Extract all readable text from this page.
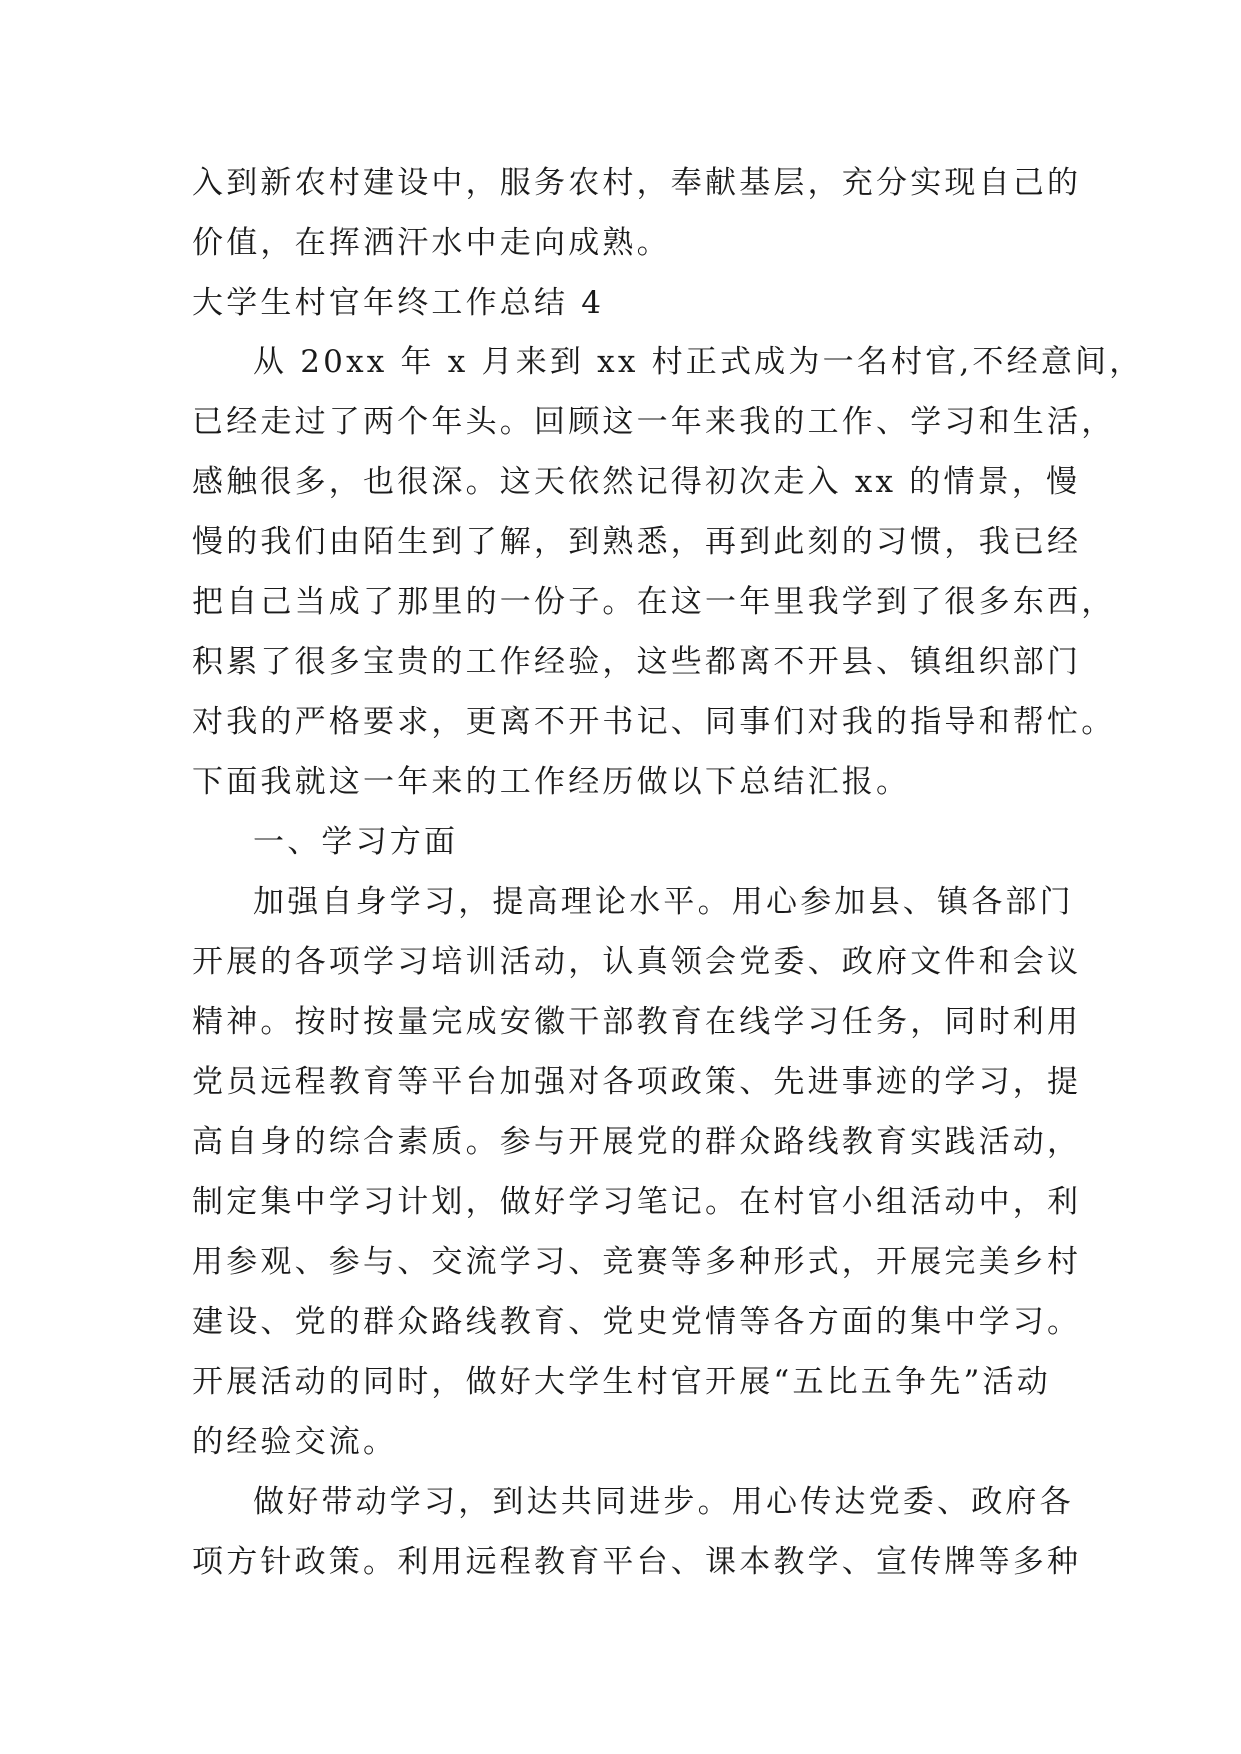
入到新农村建设中，服务农村，奉献基层，充分实现自己的
价值，在挥洒汗水中走向成熟。
大学生村官年终工作总结 4
从 20xx 年 x 月来到 xx 村正式成为一名村官,不经意间，
已经走过了两个年头。回顾这一年来我的工作、学习和生活，
感触很多，也很深。这天依然记得初次走入 xx 的情景，慢
慢的我们由陌生到了解，到熟悉，再到此刻的习惯，我已经
把自己当成了那里的一份子。在这一年里我学到了很多东西，
积累了很多宝贵的工作经验，这些都离不开县、镇组织部门
对我的严格要求，更离不开书记、同事们对我的指导和帮忙。
下面我就这一年来的工作经历做以下总结汇报。
一、学习方面
加强自身学习，提高理论水平。用心参加县、镇各部门
开展的各项学习培训活动，认真领会党委、政府文件和会议
精神。按时按量完成安徽干部教育在线学习任务，同时利用
党员远程教育等平台加强对各项政策、先进事迹的学习，提
高自身的综合素质。参与开展党的群众路线教育实践活动，
制定集中学习计划，做好学习笔记。在村官小组活动中，利
用参观、参与、交流学习、竞赛等多种形式，开展完美乡村
建设、党的群众路线教育、党史党情等各方面的集中学习。
开展活动的同时，做好大学生村官开展“五比五争先”活动
的经验交流。
做好带动学习，到达共同进步。用心传达党委、政府各
项方针政策。利用远程教育平台、课本教学、宣传牌等多种
